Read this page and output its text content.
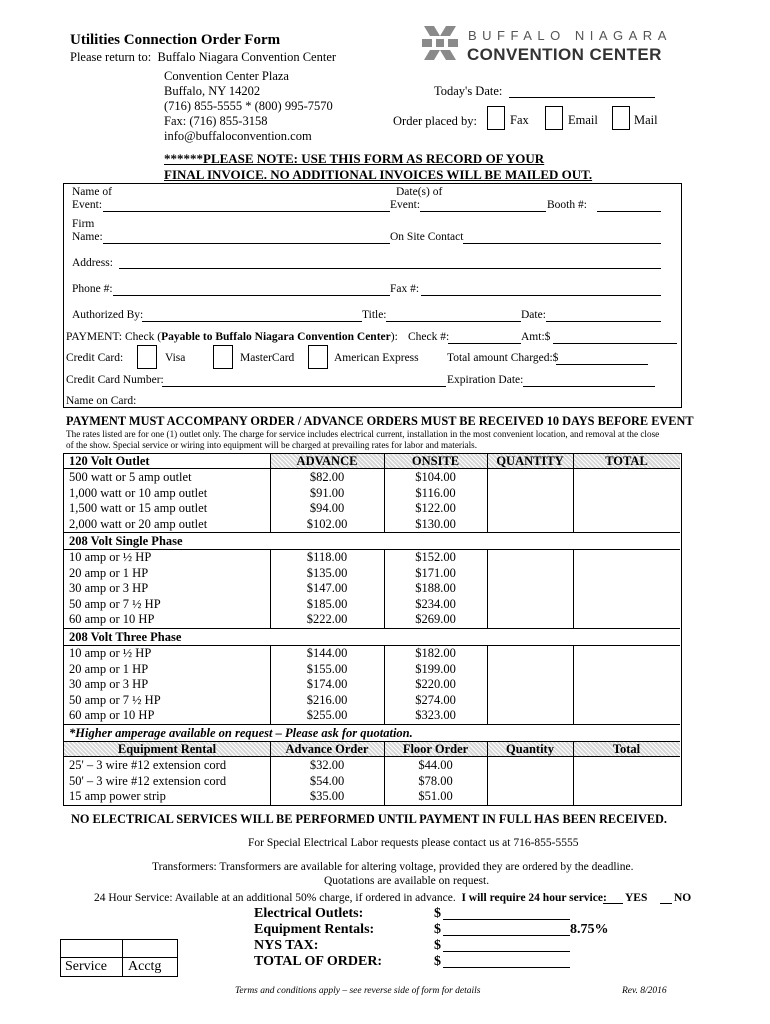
Utilities Connection Order Form
Please return to: Buffalo Niagara Convention Center
Convention Center Plaza
Buffalo, NY 14202
(716) 855-5555 * (800) 995-7570
Fax: (716) 855-3158
info@buffaloconvention.com
BUFFALO NIAGARA
CONVENTION CENTER
Today's Date:
Order placed by:	Fax	Email	Mail
******PLEASE NOTE: USE THIS FORM AS RECORD OF YOUR
FINAL INVOICE. NO ADDITIONAL INVOICES WILL BE MAILED OUT.
Name of
Event:
Date(s) of
Event:	Booth #:
Firm
Name:	On Site Contact
Address:
Phone #:	Fax #:
Authorized By:	Title:	Date:
PAYMENT: Check (Payable to Buffalo Niagara Convention Center): Check #:	Amt:$
Credit Card:	Visa	MasterCard	American Express Total amount Charged:$
Credit Card Number:	Expiration Date:
Name on Card:
PAYMENT MUST ACCOMPANY ORDER / ADVANCE ORDERS MUST BE RECEIVED 10 DAYS BEFORE EVENT
The rates listed are for one (1) outlet only. The charge for service includes electrical current, installation in the most convenient location, and removal at the close
of the show. Special service or wiring into equipment will be charged at prevailing rates for labor and materials.
120 Volt Outlet	ADVANCE	ONSITE	QUANTITY	TOTAL
500 watt or 5 amp outlet	$82.00	$104.00
1,000 watt or 10 amp outlet	$91.00	$116.00
1,500 watt or 15 amp outlet	$94.00	$122.00
2,000 watt or 20 amp outlet	$102.00	$130.00
208 Volt Single Phase
10 amp or ½ HP	$118.00	$152.00
20 amp or 1 HP	$135.00	$171.00
30 amp or 3 HP	$147.00	$188.00
50 amp or 7 ½ HP	$185.00	$234.00
60 amp or 10 HP	$222.00	$269.00
208 Volt Three Phase
10 amp or ½ HP	$144.00	$182.00
20 amp or 1 HP	$155.00	$199.00
30 amp or 3 HP	$174.00	$220.00
50 amp or 7 ½ HP	$216.00	$274.00
60 amp or 10 HP	$255.00	$323.00
*Higher amperage available on request – Please ask for quotation.
Equipment Rental	Advance Order	Floor Order	Quantity	Total
25' – 3 wire #12 extension cord	$32.00	$44.00
50' – 3 wire #12 extension cord	$54.00	$78.00
15 amp power strip	$35.00	$51.00
NO ELECTRICAL SERVICES WILL BE PERFORMED UNTIL PAYMENT IN FULL HAS BEEN RECEIVED.
For Special Electrical Labor requests please contact us at 716-855-5555
Transformers: Transformers are available for altering voltage, provided they are ordered by the deadline.
Quotations are available on request.
24 Hour Service: Available at an additional 50% charge, if ordered in advance. I will require 24 hour service: YES NO
Electrical Outlets:	$
Equipment Rentals:	$	8.75%
NYS TAX:	$
TOTAL OF ORDER:	$
Service Acctg
Terms and conditions apply – see reverse side of form for details	Rev. 8/2016
